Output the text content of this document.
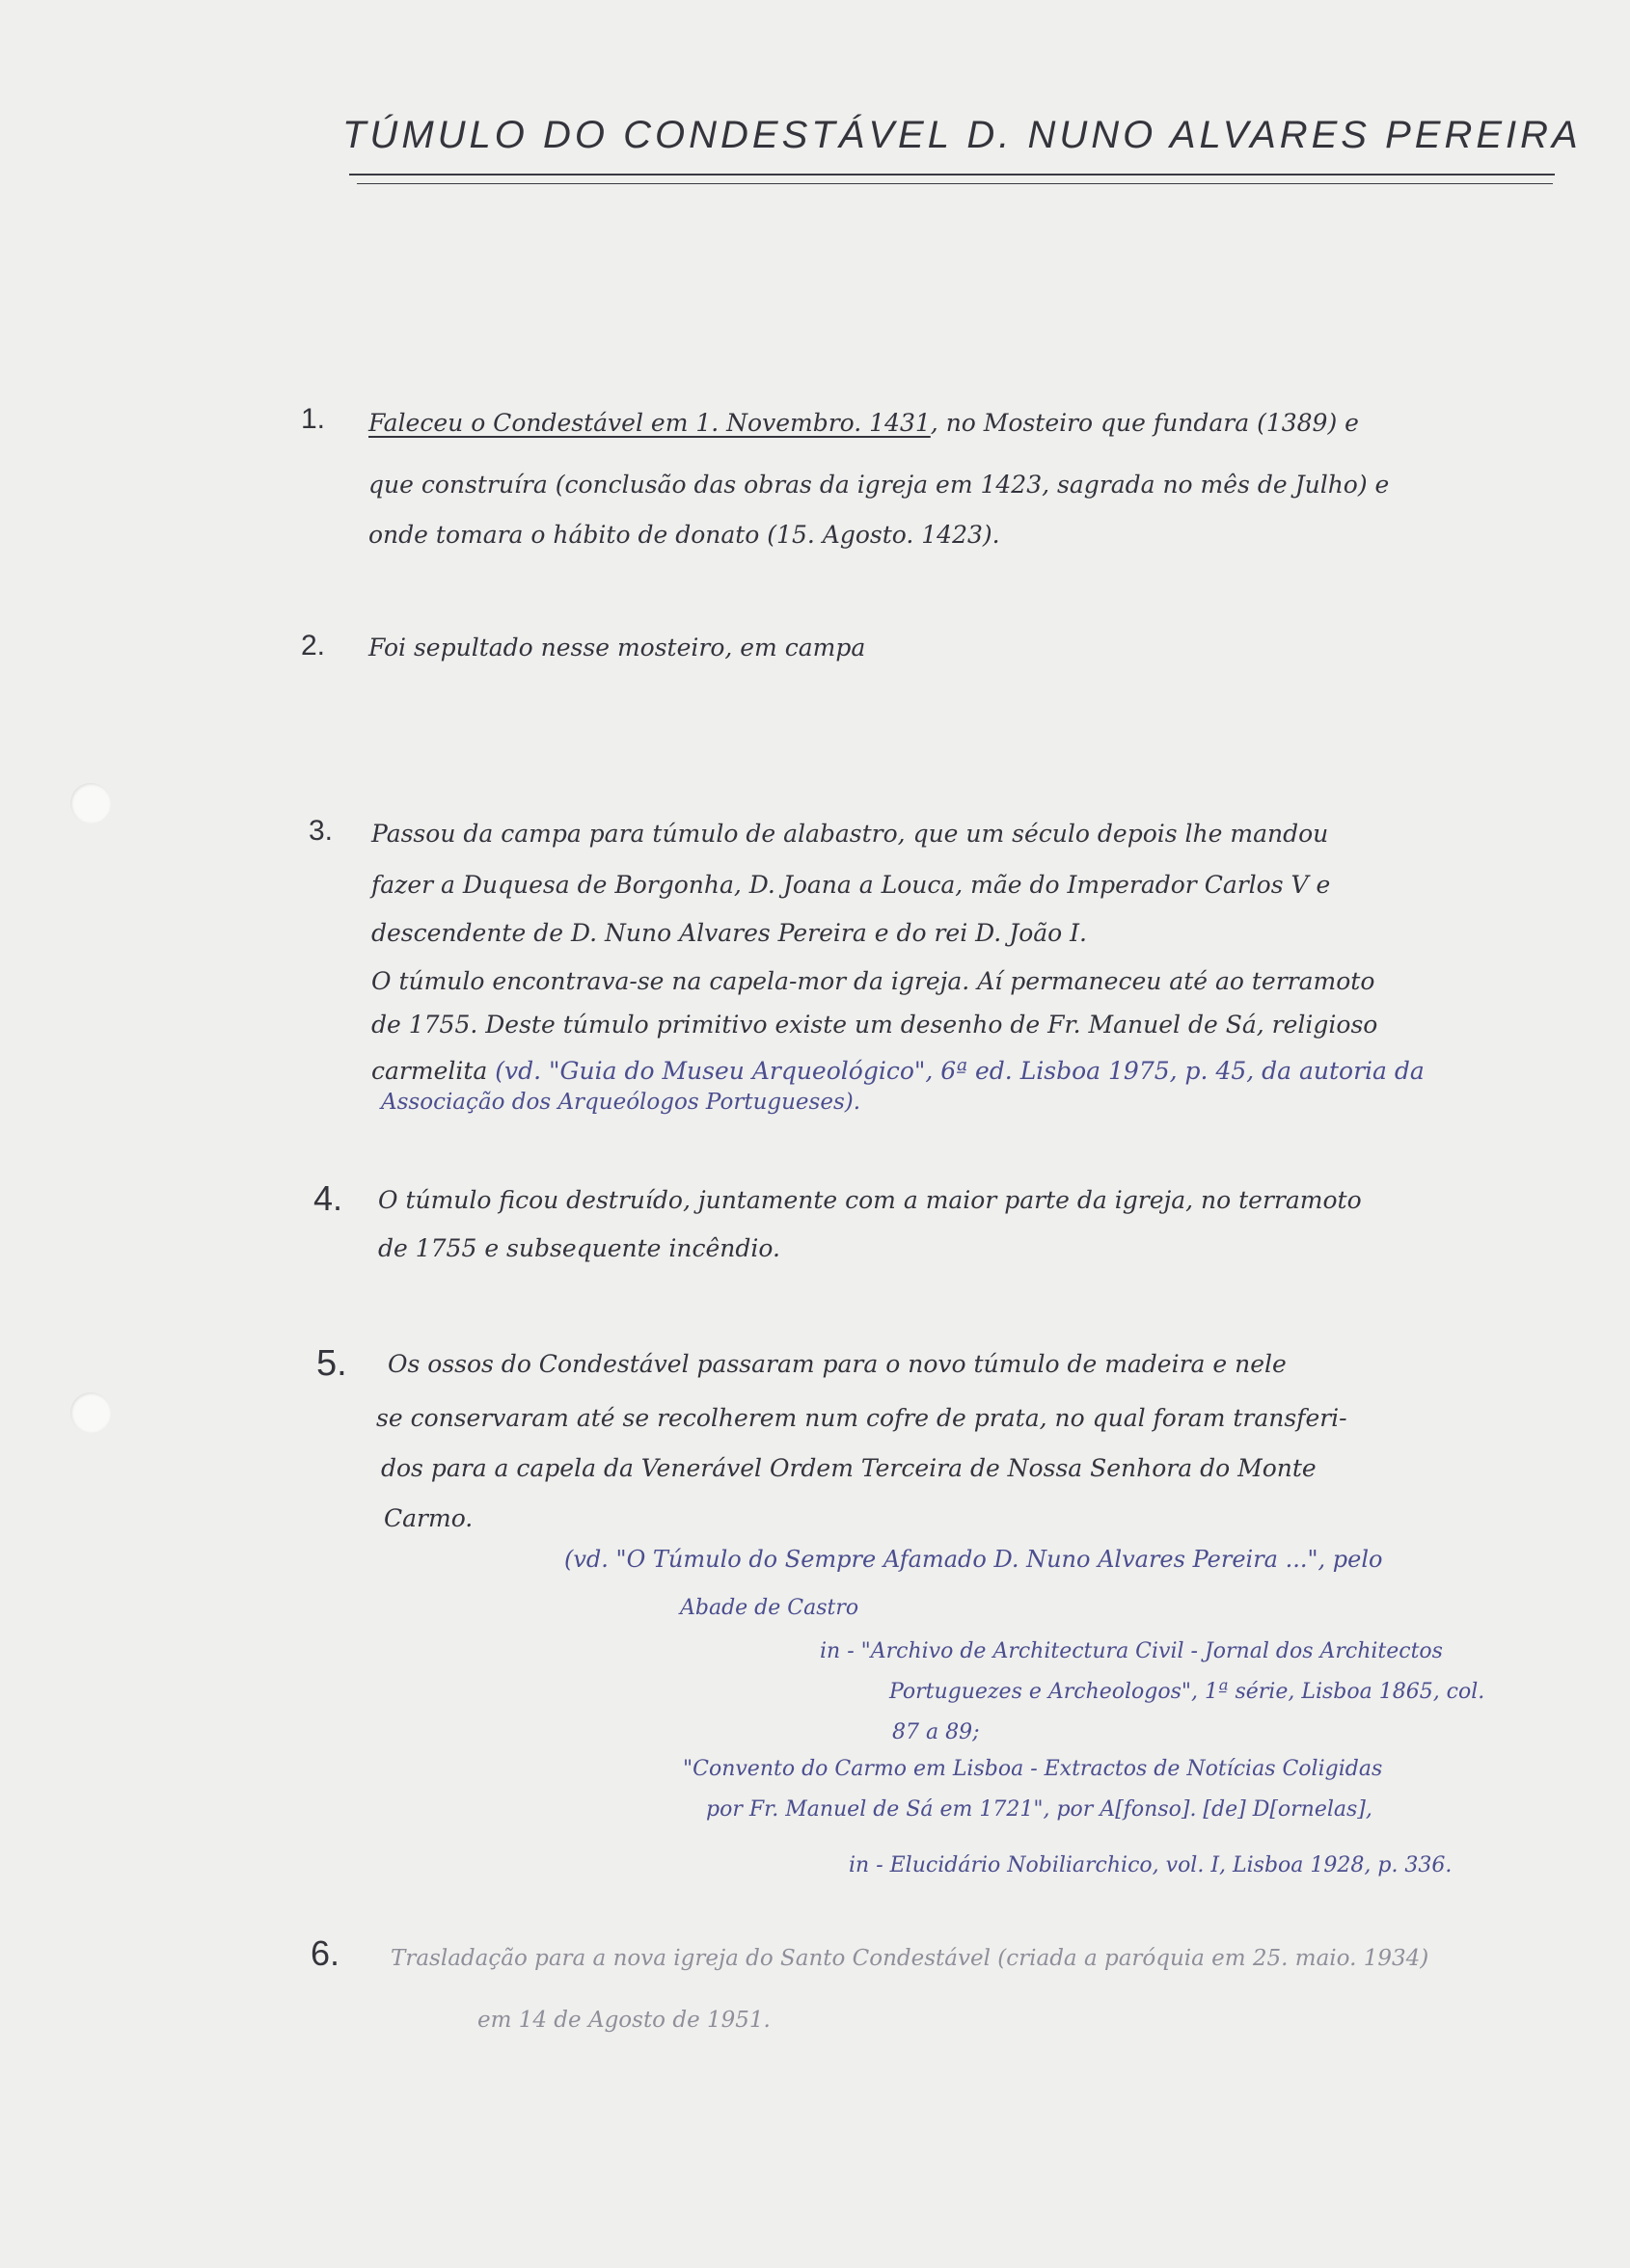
TÚMULO DO CONDESTÁVEL D. NUNO ALVARES PEREIRA
1. Faleceu o Condestável em 1. Novembro. 1431, no Mosteiro que fundara (1389) e
que construíra (conclusão das obras da igreja em 1423, sagrada no mês de Julho) e
onde tomara o hábito de donato (15. Agosto. 1423).
2. Foi sepultado nesse mosteiro, em campa
3. Passou da campa para túmulo de alabastro, que um século depois lhe mandou
fazer a Duquesa de Borgonha, D. Joana a Louca, mãe do Imperador Carlos V e
descendente de D. Nuno Alvares Pereira e do rei D. João I.
O túmulo encontrava-se na capela-mor da igreja. Aí permaneceu até ao terramoto
de 1755. Deste túmulo primitivo existe um desenho de Fr. Manuel de Sá, religioso
carmelita (vd. "Guia do Museu Arqueológico", 6ª ed. Lisboa 1975, p. 45, da autoria da
Associação dos Arqueólogos Portugueses).
4. O túmulo ficou destruído, juntamente com a maior parte da igreja, no terramoto
de 1755 e subsequente incêndio.
5. Os ossos do Condestável passaram para o novo túmulo de madeira e nele
se conservaram até se recolherem num cofre de prata, no qual foram transferi-
dos para a capela da Venerável Ordem Terceira de Nossa Senhora do Monte
Carmo.
(vd. "O Túmulo do Sempre Afamado D. Nuno Alvares Pereira ...", pelo
Abade de Castro
in - "Archivo de Architectura Civil - Jornal dos Architectos
Portuguezes e Archeologos", 1ª série, Lisboa 1865, col.
87 a 89;
"Convento do Carmo em Lisboa - Extractos de Notícias Coligidas
por Fr. Manuel de Sá em 1721", por A[fonso]. [de] D[ornelas],
in - Elucidário Nobiliarchico, vol. I, Lisboa 1928, p. 336.
6. Trasladação para a nova igreja do Santo Condestável (criada a paróquia em 25. maio. 1934)
em 14 de Agosto de 1951.
